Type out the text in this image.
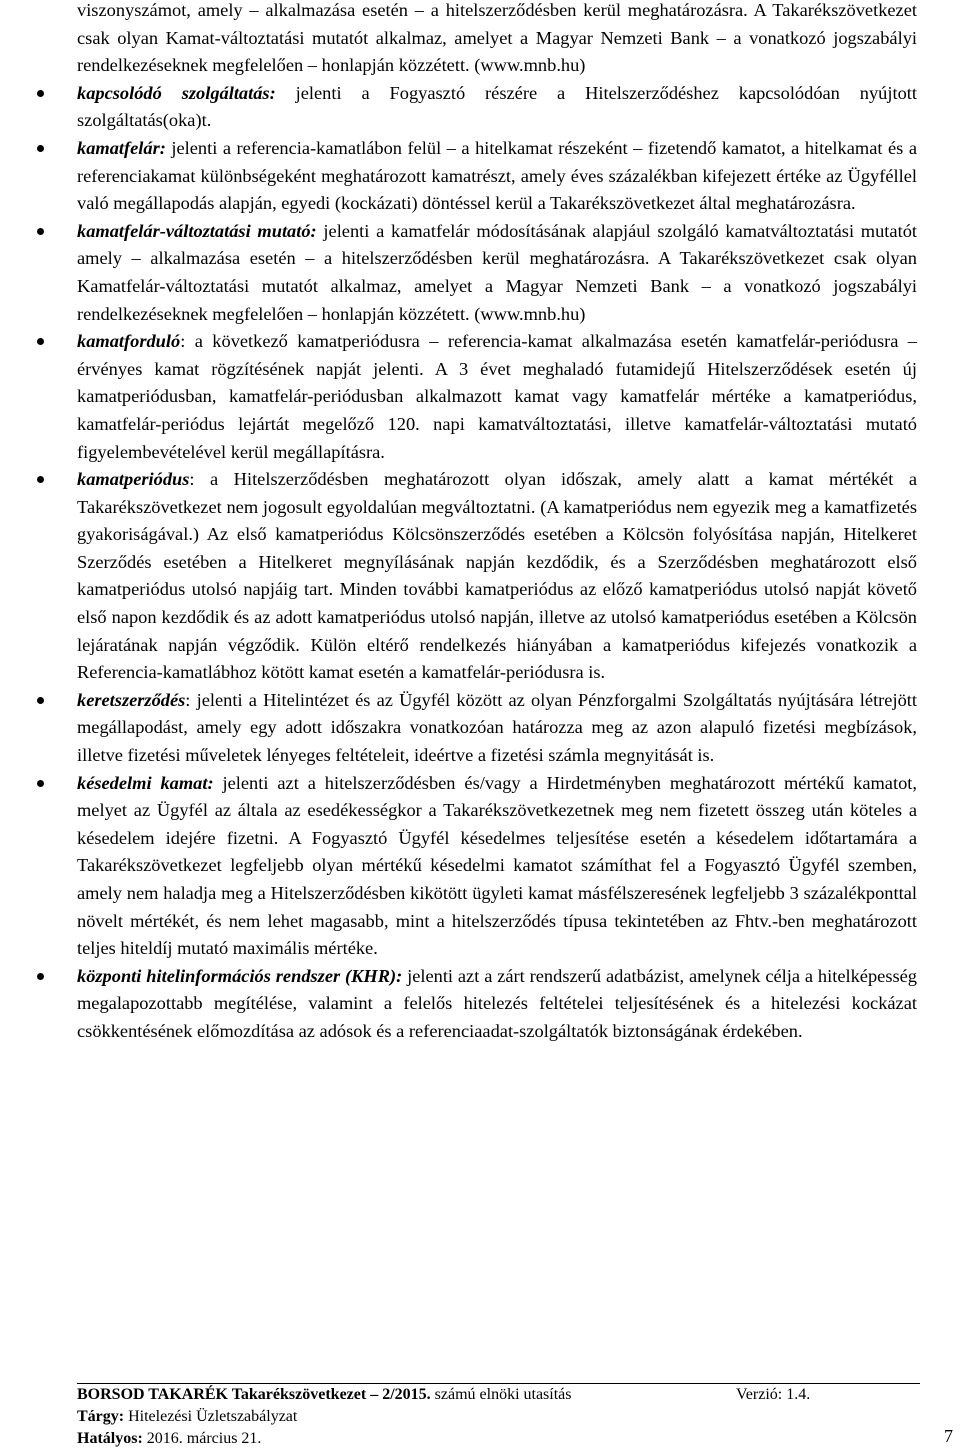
viszonyszámot, amely – alkalmazása esetén – a hitelszerződésben kerül meghatározásra. A Takarékszövetkezet csak olyan Kamat-változtatási mutatót alkalmaz, amelyet a Magyar Nemzeti Bank – a vonatkozó jogszabályi rendelkezéseknek megfelelően – honlapján közzétett. (www.mnb.hu)

kapcsolódó szolgáltatás: jelenti a Fogyasztó részére a Hitelszerződéshez kapcsolódóan nyújtott szolgáltatás(oka)t.
kamatfelár: jelenti a referencia-kamatlábon felül – a hitelkamat részeként – fizetendő kamatot, a hitelkamat és a referenciakamat különbségeként meghatározott kamatrészt, amely éves százalékban kifejezett értéke az Ügyféllel való megállapodás alapján, egyedi (kockázati) döntéssel kerül a Takarékszövetkezet által meghatározásra.
kamatfelár-változtatási mutató: jelenti a kamatfelár módosításának alapjául szolgáló kamatváltoztatási mutatót amely – alkalmazása esetén – a hitelszerződésben kerül meghatározásra. A Takarékszövetkezet csak olyan Kamatfelár-változtatási mutatót alkalmaz, amelyet a Magyar Nemzeti Bank – a vonatkozó jogszabályi rendelkezéseknek megfelelően – honlapján közzétett. (www.mnb.hu)
kamatforduló: a következő kamatperiódusra – referencia-kamat alkalmazása esetén kamatfelár-periódusra – érvényes kamat rögzítésének napját jelenti. A 3 évet meghaladó futamidejű Hitelszerződések esetén új kamatperiódusban, kamatfelár-periódusban alkalmazott kamat vagy kamatfelár mértéke a kamatperiódus, kamatfelár-periódus lejártát megelőző 120. napi kamatváltoztatási, illetve kamatfelár-változtatási mutató figyelembevételével kerül megállapításra.
kamatperiódus: a Hitelszerződésben meghatározott olyan időszak, amely alatt a kamat mértékét a Takarékszövetkezet nem jogosult egyoldalúan megváltoztatni. (A kamatperiódus nem egyezik meg a kamatfizetés gyakoriságával.) Az első kamatperiódus Kölcsönszerződés esetében a Kölcsön folyósítása napján, Hitelkeret Szerződés esetében a Hitelkeret megnyílásának napján kezdődik, és a Szerződésben meghatározott első kamatperiódus utolsó napjáig tart. Minden további kamatperiódus az előző kamatperiódus utolsó napját követő első napon kezdődik és az adott kamatperiódus utolsó napján, illetve az utolsó kamatperiódus esetében a Kölcsön lejáratának napján végződik. Külön eltérő rendelkezés hiányában a kamatperiódus kifejezés vonatkozik a Referencia-kamatlábhoz kötött kamat esetén a kamatfelár-periódusra is.
keretszerződés: jelenti a Hitelintézet és az Ügyfél között az olyan Pénzforgalmi Szolgáltatás nyújtására létrejött megállapodást, amely egy adott időszakra vonatkozóan határozza meg az azon alapuló fizetési megbízások, illetve fizetési műveletek lényeges feltételeit, ideértve a fizetési számla megnyitását is.
késedelmi kamat: jelenti azt a hitelszerződésben és/vagy a Hirdetményben meghatározott mértékű kamatot, melyet az Ügyfél az általa az esedékességkor a Takarékszövetkezetnek meg nem fizetett összeg után köteles a késedelem idejére fizetni. A Fogyasztó Ügyfél késedelmes teljesítése esetén a késedelem időtartamára a Takarékszövetkezet legfeljebb olyan mértékű késedelmi kamatot számíthat fel a Fogyasztó Ügyfél szemben, amely nem haladja meg a Hitelszerződésben kikötött ügyleti kamat másfélszeresének legfeljebb 3 százalékponttal növelt mértékét, és nem lehet magasabb, mint a hitelszerződés típusa tekintetében az Fhtv.-ben meghatározott teljes hiteldíj mutató maximális mértéke.
központi hitelinformációs rendszer (KHR): jelenti azt a zárt rendszerű adatbázist, amelynek célja a hitelképesség megalapozottabb megítélése, valamint a felelős hitelezés feltételei teljesítésének és a hitelezési kockázat csökkentésének előmozdítása az adósok és a referenciaadat-szolgáltatók biztonságának érdekében.
BORSOD TAKARÉK Takarékszövetkezet – 2/2015. számú elnöki utasítás	Verzió: 1.4.
Tárgy: Hitelezési Üzletszabályzat
Hatályos: 2016. március 21.	7
